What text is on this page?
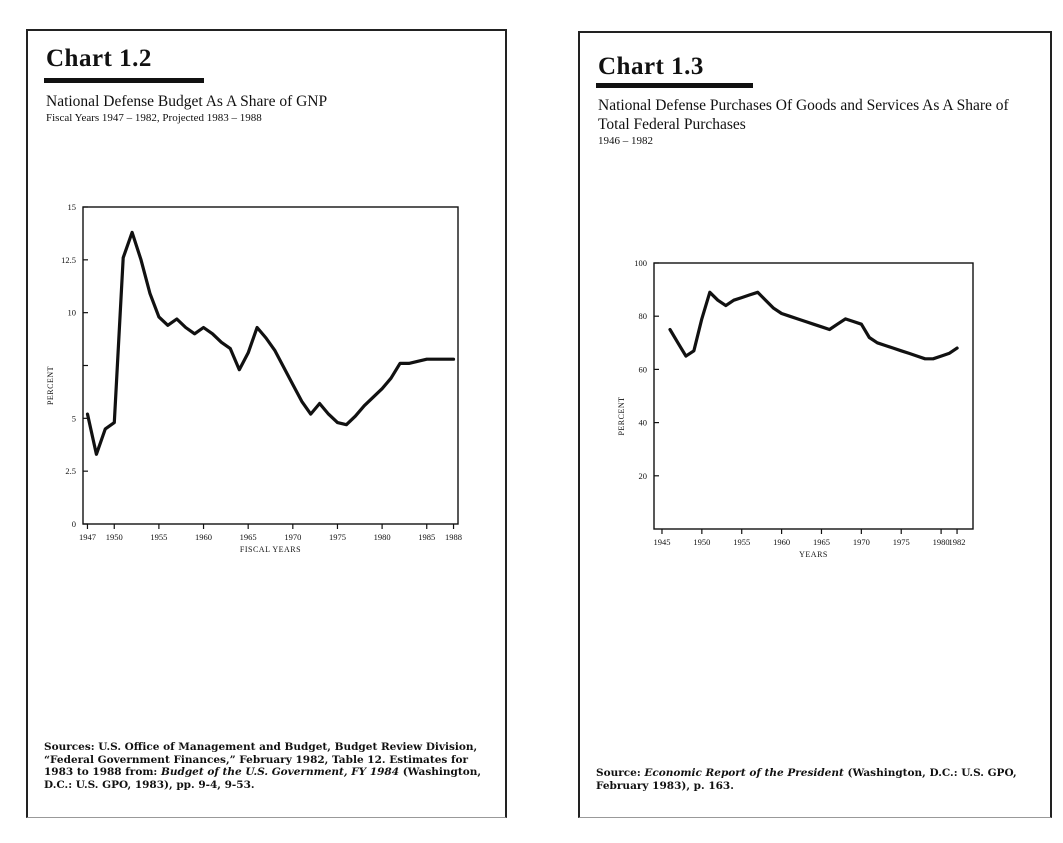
Chart 1.2
National Defense Budget As A Share of GNP
Fiscal Years 1947 – 1982, Projected 1983 – 1988
Sources: U.S. Office of Management and Budget, Budget Review Division, “Federal Government Finances,” February 1982, Table 12. Estimates for 1983 to 1988 from: Budget of the U.S. Government, FY 1984 (Washington, D.C.: U.S. GPO, 1983), pp. 9-4, 9-53.
0
2.5
5
10
12.5
15
1947 1950	1955	1960	1965	1970	1975	1980	1985 1988
FISCAL YEARS
PERCENT
Chart 1.3
National Defense Purchases Of Goods and Services As A Share of Total Federal Purchases
1946 – 1982
Source: Economic Report of the President (Washington, D.C.: U.S. GPO, February 1983), p. 163.
20
40
60
80
100
1945	1950	1955	1960	1965	1970	1975	1980
1982
YEARS
PERCENT
